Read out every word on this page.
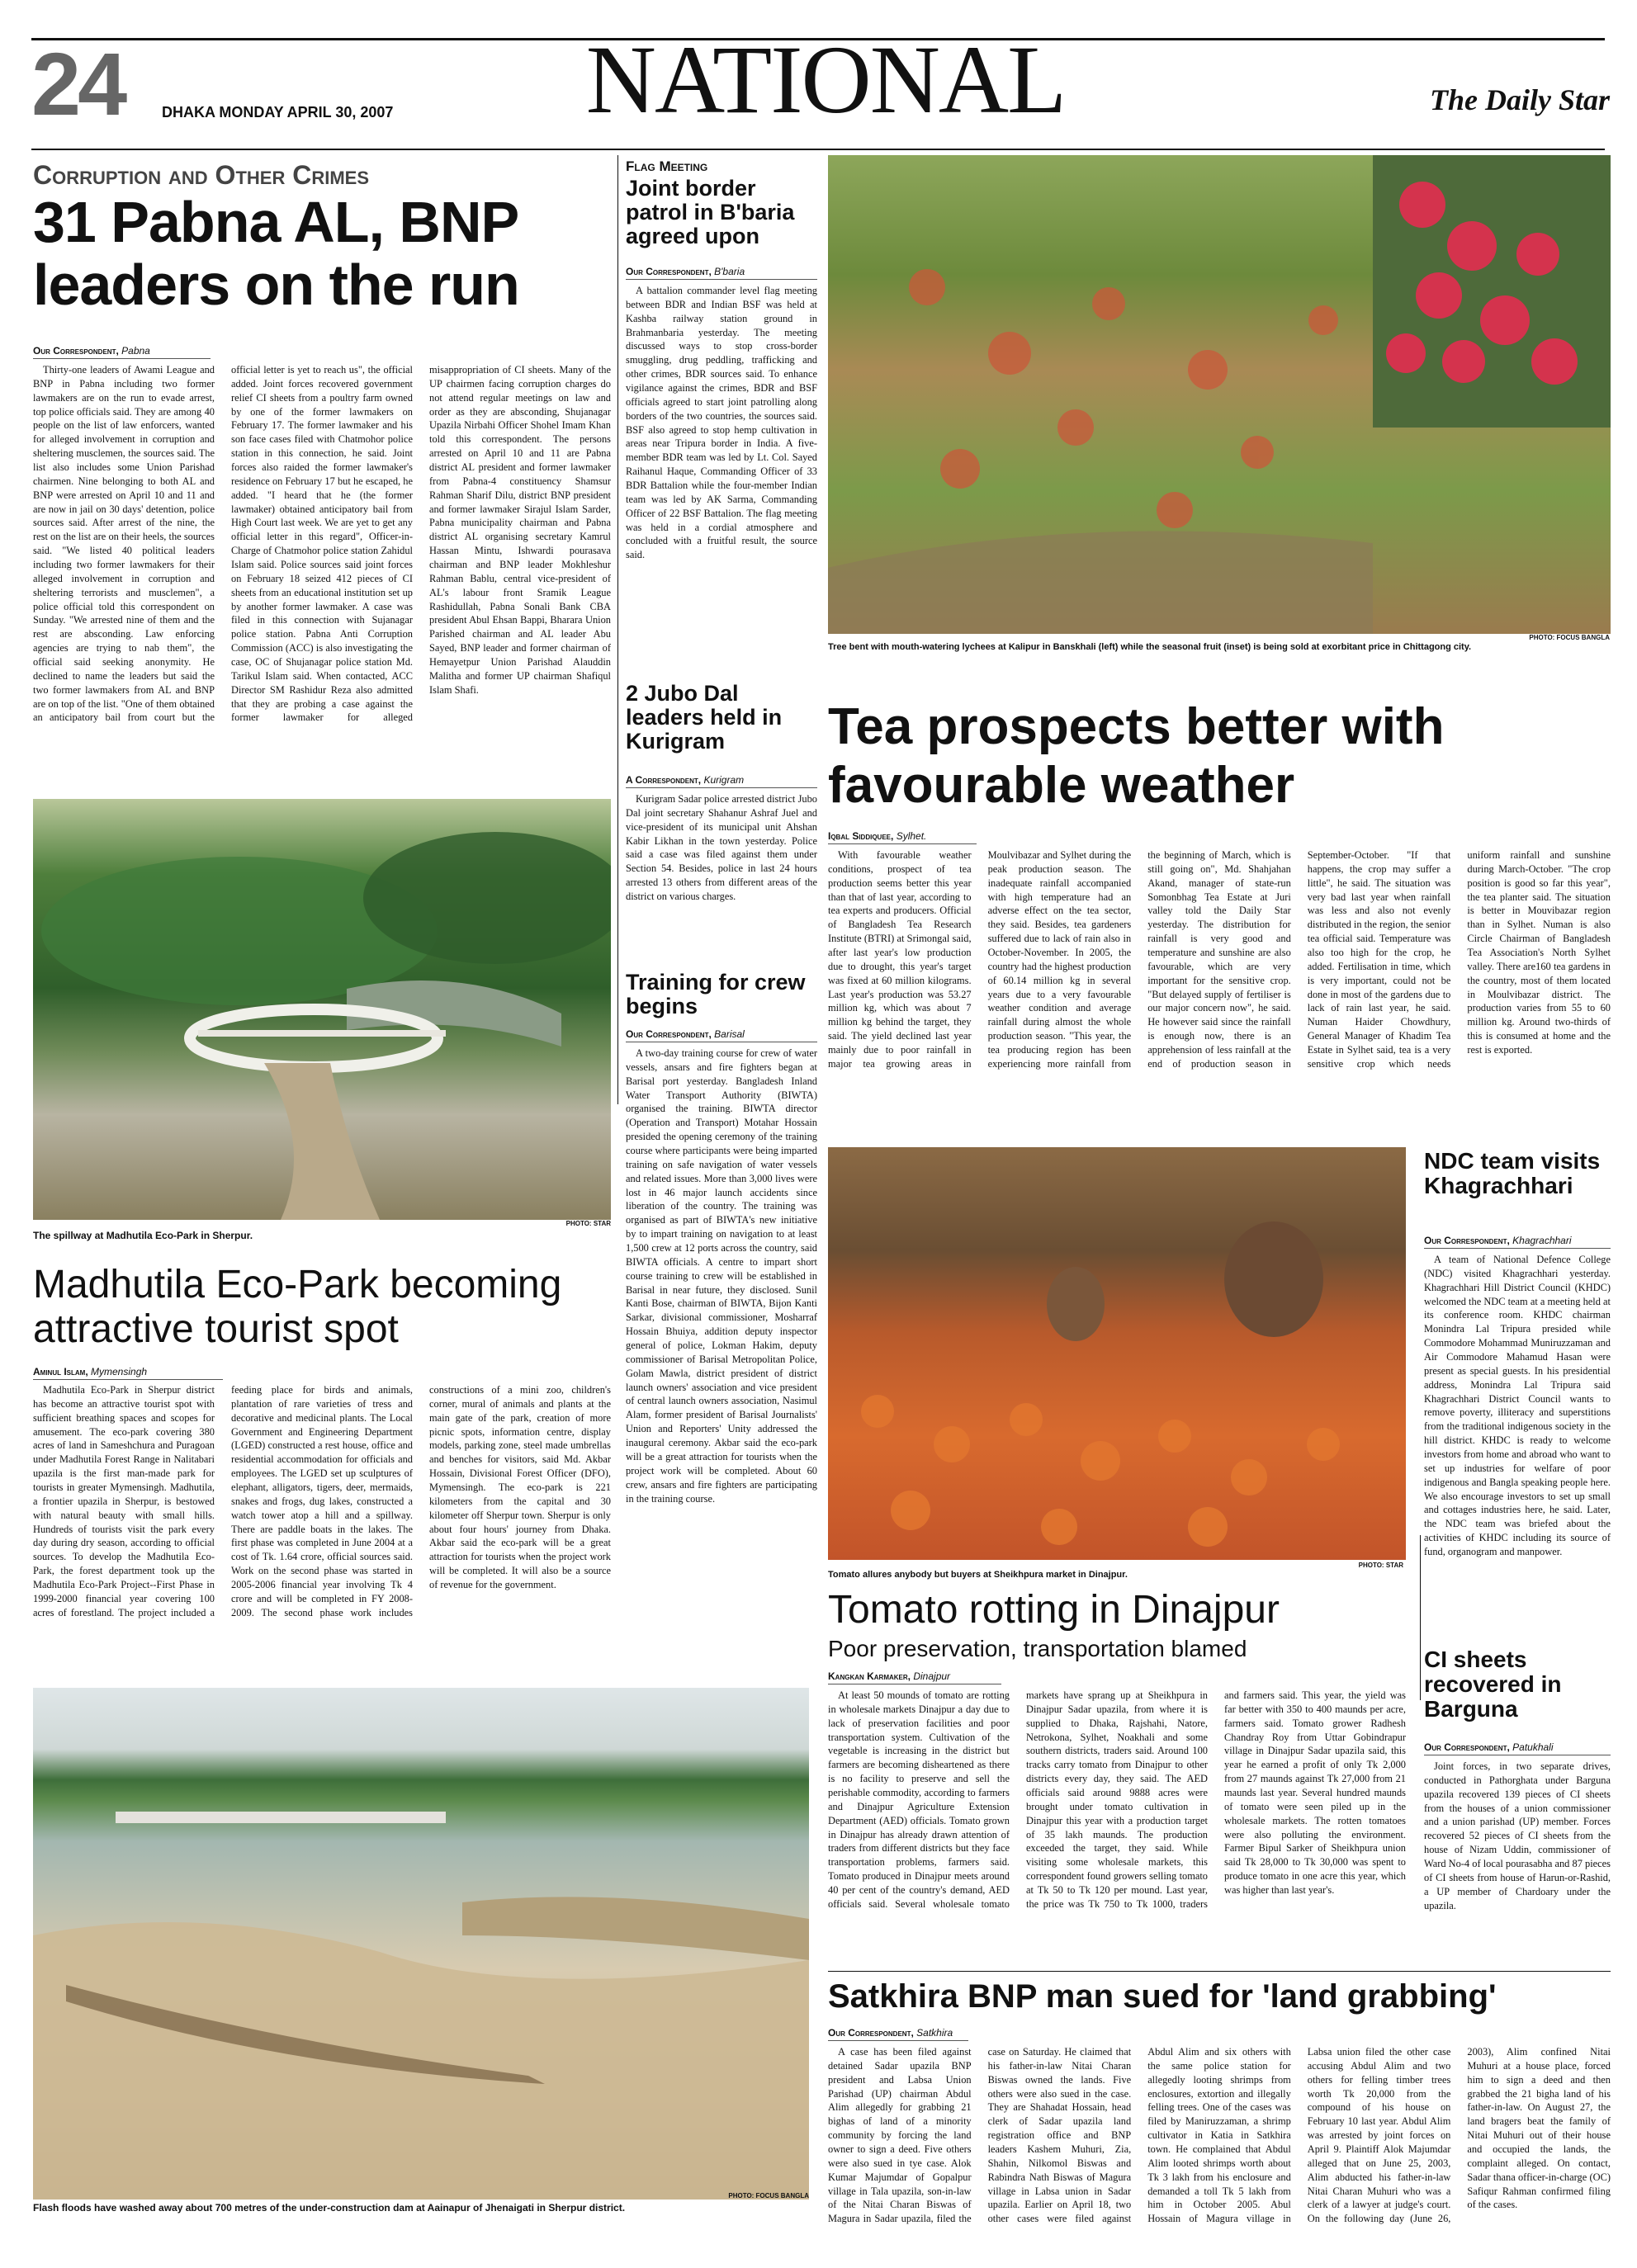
24	DHAKA MONDAY APRIL 30, 2007 NATIONAL	The Daily Star
Corruption and Other Crimes
31 Pabna AL, BNP leaders on the run
Our Correspondent, Pabna

Thirty-one leaders of Awami League and BNP in Pabna including two former lawmakers are on the run to evade arrest, top police officials said. They are among 40 people on the list of law enforcers, wanted for alleged involvement in corruption and sheltering musclemen, the sources said. The list also includes some Union Parishad chairmen. Nine belonging to both AL and BNP were arrested on April 10 and 11 and are now in jail on 30 days' detention, police sources said. After arrest of the nine, the rest on the list are on their heels, the sources said. "We listed 40 political leaders including two former lawmakers for their alleged involvement in corruption and sheltering terrorists and musclemen", a police official told this correspondent on Sunday. "We arrested nine of them and the rest are absconding. Law enforcing agencies are trying to nab them", the official said seeking anonymity. He declined to name the leaders but said the two former lawmakers from AL and BNP are on top of the list. "One of them obtained an anticipatory bail from court but the official letter is yet to reach us", the official added. Joint forces recovered government relief CI sheets from a poultry farm owned by one of the former lawmakers on February 17. The former lawmaker and his son face cases filed with Chatmohor police station in this connection, he said. Joint forces also raided the former lawmaker's residence on February 17 but he escaped, he added. "I heard that he (the former lawmaker) obtained anticipatory bail from High Court last week. We are yet to get any official letter in this regard", Officer-in-Charge of Chatmohor police station Zahidul Islam said. Police sources said joint forces on February 18 seized 412 pieces of CI sheets from an educational institution set up by another former lawmaker. A case was filed in this connection with Sujanagar police station. Pabna Anti Corruption Commission (ACC) is also investigating the case, OC of Shujanagar police station Md. Tarikul Islam said. When contacted, ACC Director SM Rashidur Reza also admitted that they are probing a case against the former lawmaker for alleged misappropriation of CI sheets. Many of the UP chairmen facing corruption charges do not attend regular meetings on law and order as they are absconding, Shujanagar Upazila Nirbahi Officer Shohel Imam Khan told this correspondent. The persons arrested on April 10 and 11 are Pabna district AL president and former lawmaker from Pabna-4 constituency Shamsur Rahman Sharif Dilu, district BNP president and former lawmaker Sirajul Islam Sarder, Pabna municipality chairman and Pabna district AL organising secretary Kamrul Hassan Mintu, Ishwardi pourasava chairman and BNP leader Mokhleshur Rahman Bablu, central vice-president of AL's labour front Sramik League Rashidullah, Pabna Sonali Bank CBA president Abul Ehsan Bappi, Bharara Union Parished chairman and AL leader Abu Sayed, BNP leader and former chairman of Hemayetpur Union Parishad Alauddin Malitha and former UP chairman Shafiqul Islam Shafi.

PHOTO: STAR
The spillway at Madhutila Eco-Park in Sherpur.
Madhutila Eco-Park becoming attractive tourist spot
Aminul Islam, Mymensingh

Madhutila Eco-Park in Sherpur district has become an attractive tourist spot with sufficient breathing spaces and scopes for amusement. The eco-park covering 380 acres of land in Sameshchura and Puragoan under Madhutila Forest Range in Nalitabari upazila is the first man-made park for tourists in greater Mymensingh. Madhutila, a frontier upazila in Sherpur, is bestowed with natural beauty with small hills. Hundreds of tourists visit the park every day during dry season, according to official sources. To develop the Madhutila Eco-Park, the forest department took up the Madhutila Eco-Park Project--First Phase in 1999-2000 financial year covering 100 acres of forestland. The project included a feeding place for birds and animals, plantation of rare varieties of tress and decorative and medicinal plants. The Local Government and Engineering Department (LGED) constructed a rest house, office and residential accommodation for officials and employees. The LGED set up sculptures of elephant, alligators, tigers, deer, mermaids, snakes and frogs, dug lakes, constructed a watch tower atop a hill and a spillway. There are paddle boats in the lakes. The first phase was completed in June 2004 at a cost of Tk. 1.64 crore, official sources said. Work on the second phase was started in 2005-2006 financial year involving Tk 4 crore and will be completed in FY 2008-2009. The second phase work includes constructions of a mini zoo, children's corner, mural of animals and plants at the main gate of the park, creation of more picnic spots, information centre, display models, parking zone, steel made umbrellas and benches for visitors, said Md. Akbar Hossain, Divisional Forest Officer (DFO), Mymensingh. The eco-park is 221 kilometers from the capital and 30 kilometer off Sherpur town. Sherpur is only about four hours' journey from Dhaka. Akbar said the eco-park will be a great attraction for tourists when the project work will be completed. It will also be a source of revenue for the government.

Flash floods have washed away about 700 metres of the under-construction dam at Aainapur of Jhenaigati in Sherpur district.
PHOTO: FOCUS BANGLA
Flag Meeting
Joint border patrol in B'baria agreed upon
Our Correspondent, B'baria

A battalion commander level flag meeting between BDR and Indian BSF was held at Kashba railway station ground in Brahmanbaria yesterday. The meeting discussed ways to stop cross-border smuggling, drug peddling, trafficking and other crimes, BDR sources said. To enhance vigilance against the crimes, BDR and BSF officials agreed to start joint patrolling along borders of the two countries, the sources said. BSF also agreed to stop hemp cultivation in areas near Tripura border in India. A five-member BDR team was led by Lt. Col. Sayed Raihanul Haque, Commanding Officer of 33 BDR Battalion while the four-member Indian team was led by AK Sarma, Commanding Officer of 22 BSF Battalion. The flag meeting was held in a cordial atmosphere and concluded with a fruitful result, the source said.

2 Jubo Dal leaders held in Kurigram
A Correspondent, Kurigram

Kurigram Sadar police arrested district Jubo Dal joint secretary Shahanur Ashraf Juel and vice-president of its municipal unit Ahshan Kabir Likhan in the town yesterday. Police said a case was filed against them under Section 54. Besides, police in last 24 hours arrested 13 others from different areas of the district on various charges.

Training for crew begins
Our Correspondent, Barisal

A two-day training course for crew of water vessels, ansars and fire fighters began at Barisal port yesterday. Bangladesh Inland Water Transport Authority (BIWTA) organised the training. BIWTA director (Operation and Transport) Motahar Hossain presided the opening ceremony of the training course where participants were being imparted training on safe navigation of water vessels and related issues. More than 3,000 lives were lost in 46 major launch accidents since liberation of the country. The training was organised as part of BIWTA's new initiative by to impart training on navigation to at least 1,500 crew at 12 ports across the country, said BIWTA officials. A centre to impart short course training to crew will be established in Barisal in near future, they disclosed. Sunil Kanti Bose, chairman of BIWTA, Bijon Kanti Sarkar, divisional commissioner, Mosharraf Hossain Bhuiya, addition deputy inspector general of police, Lokman Hakim, deputy commissioner of Barisal Metropolitan Police, Golam Mawla, district president of district launch owners' association and vice president of central launch owners association, Nasimul Alam, former president of Barisal Journalists' Union and Reporters' Unity addressed the inaugural ceremony. Akbar said the eco-park will be a great attraction for tourists when the project work will be completed. About 60 crew, ansars and fire fighters are participating in the training course.

Tree bent with mouth-watering lychees at Kalipur in Banskhali (left) while the seasonal fruit (inset) is being sold at exorbitant price in Chittagong city.
PHOTO: FOCUS BANGLA
Tea prospects better with favourable weather
Iqbal Siddiquee, Sylhet.

With favourable weather conditions, prospect of tea production seems better this year than that of last year, according to tea experts and producers. Official of Bangladesh Tea Research Institute (BTRI) at Srimongal said, after last year's low production due to drought, this year's target was fixed at 60 million kilograms. Last year's production was 53.27 million kg, which was about 7 million kg behind the target, they said. The yield declined last year mainly due to poor rainfall in major tea growing areas in Moulvibazar and Sylhet during the peak production season. The inadequate rainfall accompanied with high temperature had an adverse effect on the tea sector, they said. Besides, tea gardeners suffered due to lack of rain also in October-November. In 2005, the country had the highest production of 60.14 million kg in several years due to a very favourable weather condition and average rainfall during almost the whole production season. "This year, the tea producing region has been experiencing more rainfall from the beginning of March, which is still going on", Md. Shahjahan Akand, manager of state-run Somonbhag Tea Estate at Juri valley told the Daily Star yesterday. The distribution for rainfall is very good and temperature and sunshine are also favourable, which are very important for the sensitive crop. "But delayed supply of fertiliser is our major concern now", he said. He however said since the rainfall is enough now, there is an apprehension of less rainfall at the end of production season in September-October. "If that happens, the crop may suffer a little", he said. The situation was very bad last year when rainfall was less and also not evenly distributed in the region, the senior tea official said. Temperature was also too high for the crop, he added. Fertilisation in time, which is very important, could not be done in most of the gardens due to lack of rain last year, he said. Numan Haider Chowdhury, General Manager of Khadim Tea Estate in Sylhet said, tea is a very sensitive crop which needs uniform rainfall and sunshine during March-October. "The crop position is good so far this year", the tea planter said. The situation is better in Mouvibazar region than in Sylhet. Numan is also Circle Chairman of Bangladesh Tea Association's North Sylhet valley. There are160 tea gardens in the country, most of them located in Moulvibazar district. The production varies from 55 to 60 million kg. Around two-thirds of this is consumed at home and the rest is exported.

PHOTO: STAR
Tomato allures anybody but buyers at Sheikhpura market in Dinajpur.
Tomato rotting in Dinajpur
Poor preservation, transportation blamed
Kangkan Karmaker, Dinajpur

At least 50 mounds of tomato are rotting in wholesale markets Dinajpur a day due to lack of preservation facilities and poor transportation system. Cultivation of the vegetable is increasing in the district but farmers are becoming disheartened as there is no facility to preserve and sell the perishable commodity, according to farmers and Dinajpur Agriculture Extension Department (AED) officials. Tomato grown in Dinajpur has already drawn attention of traders from different districts but they face transportation problems, farmers said. Tomato produced in Dinajpur meets around 40 per cent of the country's demand, AED officials said. Several wholesale tomato markets have sprang up at Sheikhpura in Dinajpur Sadar upazila, from where it is supplied to Dhaka, Rajshahi, Natore, Netrokona, Sylhet, Noakhali and some southern districts, traders said. Around 100 tracks carry tomato from Dinajpur to other districts every day, they said. The AED officials said around 9888 acres were brought under tomato cultivation in Dinajpur this year with a production target of 35 lakh maunds. The production exceeded the target, they said. While visiting some wholesale markets, this correspondent found growers selling tomato at Tk 50 to Tk 120 per mound. Last year, the price was Tk 750 to Tk 1000, traders and farmers said. This year, the yield was far better with 350 to 400 maunds per acre, farmers said. Tomato grower Radhesh Chandray Roy from Uttar Gobindrapur village in Dinajpur Sadar upazila said, this year he earned a profit of only Tk 2,000 from 27 maunds against Tk 27,000 from 21 maunds last year. Several hundred maunds of tomato were seen piled up in the wholesale markets. The rotten tomatoes were also polluting the environment. Farmer Bipul Sarker of Sheikhpura union said Tk 28,000 to Tk 30,000 was spent to produce tomato in one acre this year, which was higher than last year's.

NDC team visits Khagrachhari
Our Correspondent, Khagrachhari

A team of National Defence College (NDC) visited Khagrachhari yesterday. Khagrachhari Hill District Council (KHDC) welcomed the NDC team at a meeting held at its conference room. KHDC chairman Monindra Lal Tripura presided while Commodore Mohammad Muniruzzaman and Air Commodore Mahamud Hasan were present as special guests. In his presidential address, Monindra Lal Tripura said Khagrachhari District Council wants to remove poverty, illiteracy and superstitions from the traditional indigenous society in the hill district. KHDC is ready to welcome investors from home and abroad who want to set up industries for welfare of poor indigenous and Bangla speaking people here. We also encourage investors to set up small and cottages industries here, he said. Later, the NDC team was briefed about the activities of KHDC including its source of fund, organogram and manpower.

CI sheets recovered in Barguna
Our Correspondent, Patukhali

Joint forces, in two separate drives, conducted in Pathorghata under Barguna upazila recovered 139 pieces of CI sheets from the houses of a union commissioner and a union parishad (UP) member. Forces recovered 52 pieces of CI sheets from the house of Nizam Uddin, commissioner of Ward No-4 of local pourasabha and 87 pieces of CI sheets from house of Harun-or-Rashid, a UP member of Chardoary under the upazila.

Satkhira BNP man sued for 'land grabbing'
Our Correspondent, Satkhira

A case has been filed against detained Sadar upazila BNP president and Labsa Union Parishad (UP) chairman Abdul Alim allegedly for grabbing 21 bighas of land of a minority community by forcing the land owner to sign a deed. Five others were also sued in tye case. Alok Kumar Majumdar of Gopalpur village in Tala upazila, son-in-law of the Nitai Charan Biswas of Magura in Sadar upazila, filed the case on Saturday. He claimed that his father-in-law Nitai Charan Biswas owned the lands. Five others were also sued in the case. They are Shahadat Hossain, head clerk of Sadar upazila land registration office and BNP leaders Kashem Muhuri, Zia, Shahin, Nilkomol Biswas and Rabindra Nath Biswas of Magura village in Labsa union in Sadar upazila. Earlier on April 18, two other cases were filed against Abdul Alim and six others with the same police station for allegedly looting shrimps from enclosures, extortion and illegally felling trees. One of the cases was filed by Maniruzzaman, a shrimp cultivator in Katia in Satkhira town. He complained that Abdul Alim looted shrimps worth about Tk 3 lakh from his enclosure and demanded a toll Tk 5 lakh from him in October 2005. Abul Hossain of Magura village in Labsa union filed the other case accusing Abdul Alim and two others for felling timber trees worth Tk 20,000 from the compound of his house on February 10 last year. Abdul Alim was arrested by joint forces on April 9. Plaintiff Alok Majumdar alleged that on June 25, 2003, Alim abducted his father-in-law Nitai Charan Muhuri who was a clerk of a lawyer at judge's court. On the following day (June 26, 2003), Alim confined Nitai Muhuri at a house place, forced him to sign a deed and then grabbed the 21 bigha land of his father-in-law. On August 27, the land bragers beat the family of Nitai Muhuri out of their house and occupied the lands, the complaint alleged. On contact, Sadar thana officer-in-charge (OC) Safiqur Rahman confirmed filing of the cases.
